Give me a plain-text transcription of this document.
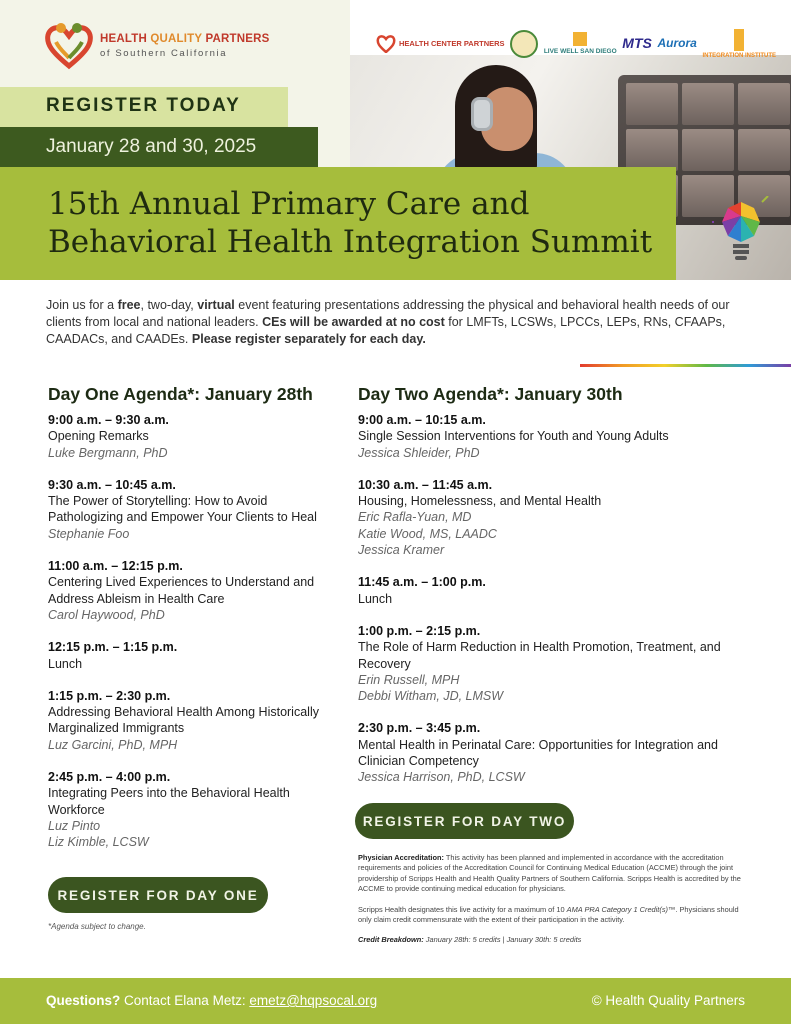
HEALTH QUALITY PARTNERS
of Southern California
HEALTH CENTER PARTNERS
LIVE WELL SAN DIEGO
MTS Aurora
INTEGRATION INSTITUTE
REGISTER TODAY
January 28 and 30, 2025
15th Annual Primary Care and
Behavioral Health Integration Summit

Join us for a free, two-day, virtual event featuring presentations addressing the physical and behavioral health needs of our clients from local and national leaders. CEs will be awarded at no cost for LMFTs, LCSWs, LPCCs, LEPs, RNs, CFAAPs, CAADACs, and CAADEs. Please register separately for each day.

Day One Agenda*: January 28th
9:00 a.m. – 9:30 a.m.
Opening Remarks
Luke Bergmann, PhD
9:30 a.m. – 10:45 a.m.
The Power of Storytelling: How to Avoid Pathologizing and Empower Your Clients to Heal
Stephanie Foo
11:00 a.m. – 12:15 p.m.
Centering Lived Experiences to Understand and Address Ableism in Health Care
Carol Haywood, PhD
12:15 p.m. – 1:15 p.m.
Lunch
1:15 p.m. – 2:30 p.m.
Addressing Behavioral Health Among Historically Marginalized Immigrants
Luz Garcini, PhD, MPH
2:45 p.m. – 4:00 p.m.
Integrating Peers into the Behavioral Health Workforce
Luz Pinto
Liz Kimble, LCSW
REGISTER FOR DAY ONE
*Agenda subject to change.
Day Two Agenda*: January 30th
9:00 a.m. – 10:15 a.m.
Single Session Interventions for Youth and Young Adults
Jessica Shleider, PhD
10:30 a.m. – 11:45 a.m.
Housing, Homelessness, and Mental Health
Eric Rafla-Yuan, MD
Katie Wood, MS, LAADC
Jessica Kramer
11:45 a.m. – 1:00 p.m.
Lunch
1:00 p.m. – 2:15 p.m.
The Role of Harm Reduction in Health Promotion, Treatment, and Recovery
Erin Russell, MPH
Debbi Witham, JD, LMSW
2:30 p.m. – 3:45 p.m.
Mental Health in Perinatal Care: Opportunities for Integration and Clinician Competency
Jessica Harrison, PhD, LCSW
REGISTER FOR DAY TWO

Physician Accreditation: This activity has been planned and implemented in accordance with the accreditation requirements and policies of the Accreditation Council for Continuing Medical Education (ACCME) through the joint providership of Scripps Health and Health Quality Partners of Southern California. Scripps Health is accredited by the ACCME to provide continuing medical education for physicians.

Scripps Health designates this live activity for a maximum of 10 AMA PRA Category 1 Credit(s)™. Physicians should only claim credit commensurate with the extent of their participation in the activity.

Credit Breakdown: January 28th: 5 credits | January 30th: 5 credits

Questions? Contact Elana Metz: emetz@hqpsocal.org	© Health Quality Partners
